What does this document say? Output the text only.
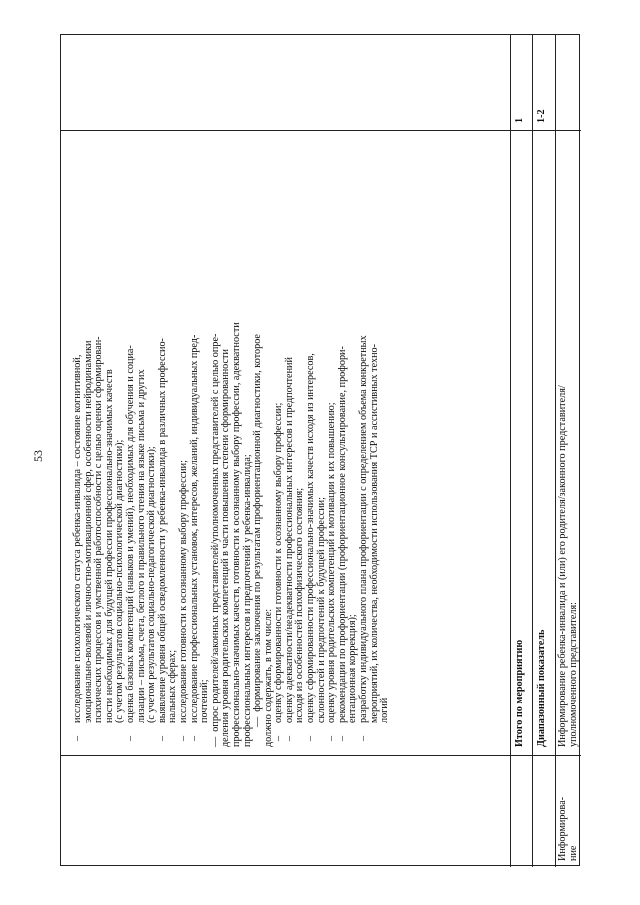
53
–
исследование психологического статуса ребенка-инвалида – состояние когнитивной, эмоционально-волевой и личностно-мотивационной сфер, особенности нейродинамики психических процессов и умственной работоспособности с целью оценки сформирован- ности необходимых для будущей профессии профессионально-значимых качеств (с учетом результатов социально-психологической диагностики);
–
оценка базовых компетенций (навыков и умений), необходимых для обучения и социа- лизации – письма, счета, беглого и правильного чтения на языке письма и других (с учетом результатов социально-педагогической диагностики);
–
выявление уровня общей осведомленности у ребенка-инвалида в различных профессио- нальных сферах;
–
исследование готовности к осознанному выбору профессии;
–
исследование профессиональных установок, интересов, желаний, индивидуальных пред- почтений;
—  опрос родителей/законных представителей/уполномоченных представителей с целью опре- деления уровня родительских компетенций в части повышения степени сформированности профессионально-значимых качеств, готовности к осознанному выбору профессии, адекватности профессиональных интересов и предпочтений у ребенка-инвалида; —  формирование заключения по результатам профориентационной диагностики, которое должно содержать, в том числе: –
оценку сформированности готовности к осознанному выбору профессии;
–
оценку адекватности/неадекватности профессиональных интересов и предпочтений исходя из особенностей психофизического состояния;
–
оценку сформированности профессионально-значимых качеств исходя из интересов, склонностей и предпочтений к будущей профессии;
–
оценку уровня родительских компетенций и мотивации к их повышению;
–
рекомендации по профориентации (профориентационное консультирование, профори- ентационная коррекция);
–
разработку индивидуального плана профориентации с определением объема конкретных мероприятий, их количества, необходимости использования ТСР и ассистивных техно- логий	Итого по мероприятию
1
Диапазонный показатель
1-2
Информирова- ние
Информирование ребенка-инвалида и (или) его родителя/законного представителя/ уполномоченного представителя:
